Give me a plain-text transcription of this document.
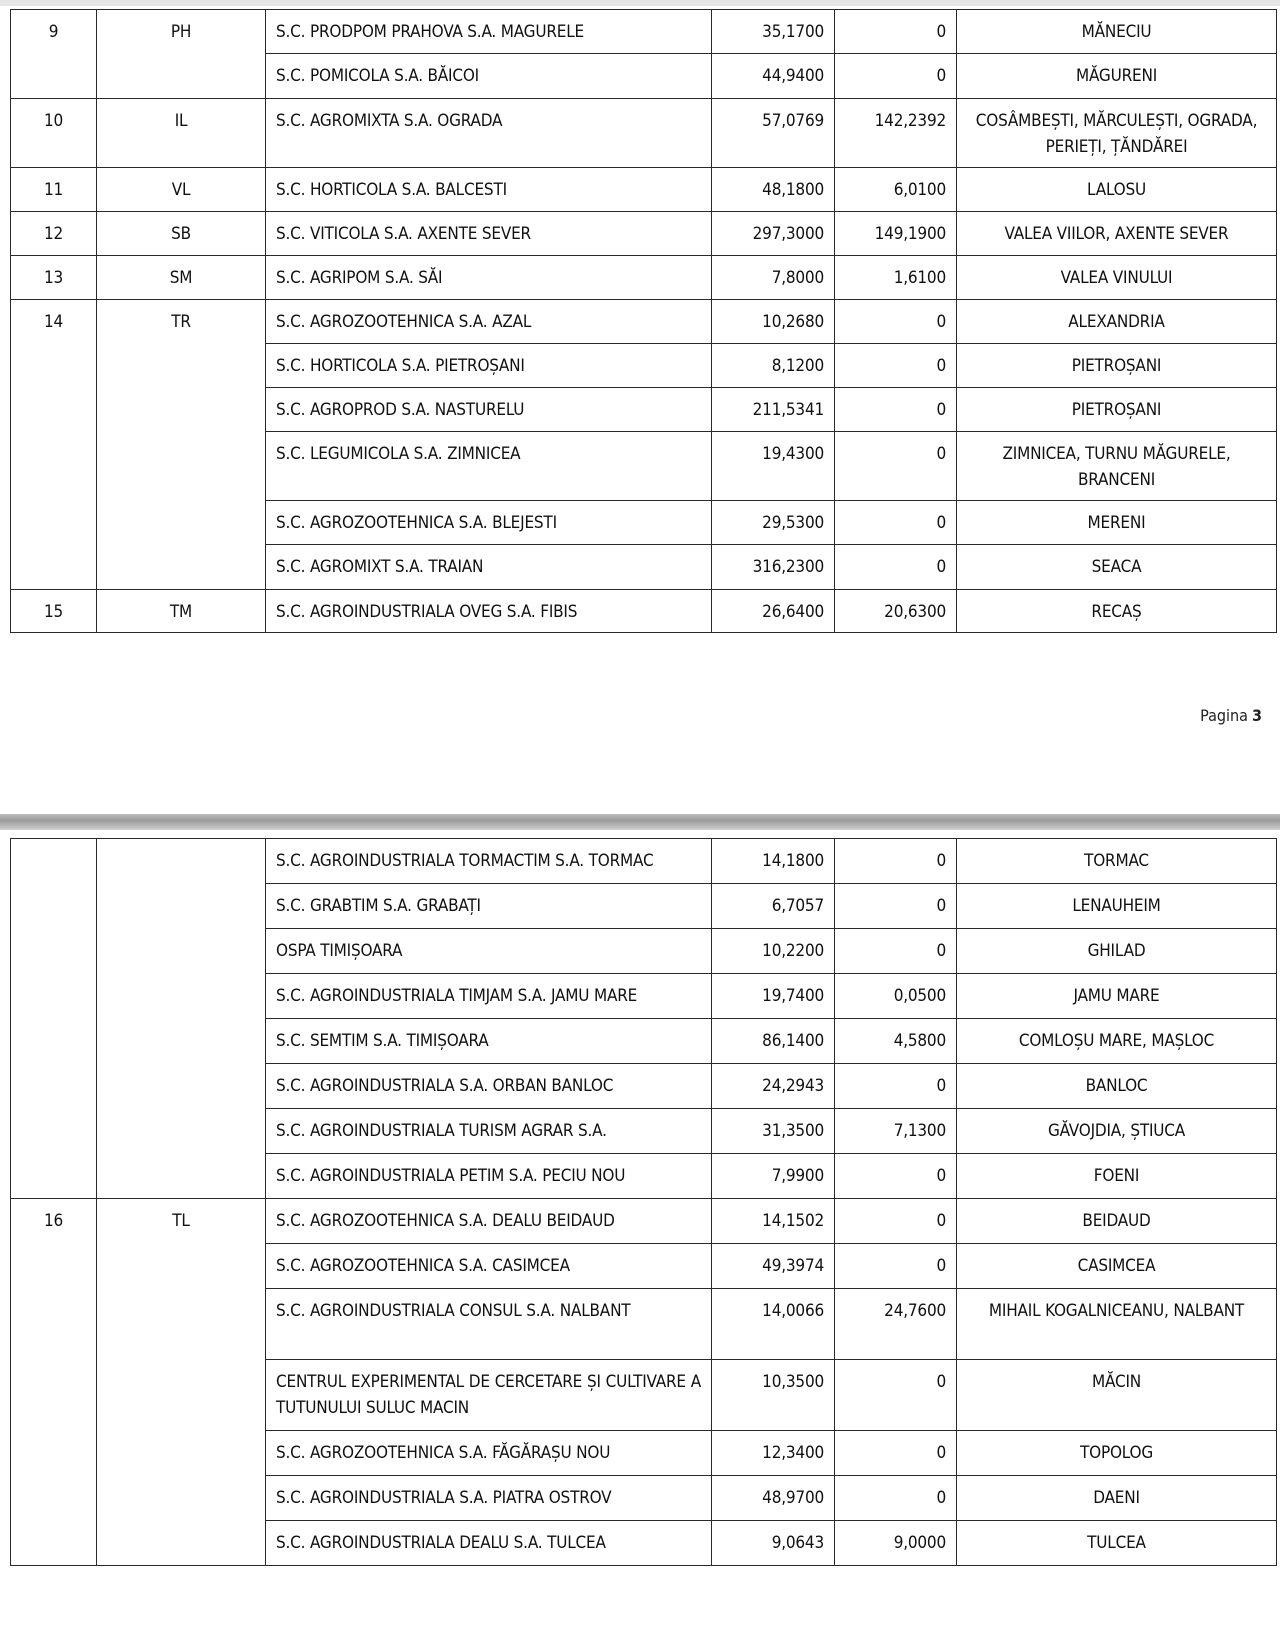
9	PH	S.C. PRODPOM PRAHOVA S.A. MAGURELE	35,1700	0	MĂNECIU
		S.C. POMICOLA S.A. BĂICOI	44,9400	0	MĂGURENI
10	IL	S.C. AGROMIXTA S.A. OGRADA	57,0769	142,2392	COSÂMBEȘTI, MĂRCULEȘTI, OGRADA, PERIEȚI, ȚĂNDĂREI
11	VL	S.C. HORTICOLA S.A. BALCESTI	48,1800	6,0100	LALOSU
12	SB	S.C. VITICOLA S.A. AXENTE SEVER	297,3000	149,1900	VALEA VIILOR, AXENTE SEVER
13	SM	S.C. AGRIPOM S.A. SĂI	7,8000	1,6100	VALEA VINULUI
14	TR	S.C. AGROZOOTEHNICA S.A. AZAL	10,2680	0	ALEXANDRIA
		S.C. HORTICOLA S.A. PIETROȘANI	8,1200	0	PIETROȘANI
		S.C. AGROPROD S.A. NASTURELU	211,5341	0	PIETROȘANI
		S.C. LEGUMICOLA S.A. ZIMNICEA	19,4300	0	ZIMNICEA, TURNU MĂGURELE, BRANCENI
		S.C. AGROZOOTEHNICA S.A. BLEJESTI	29,5300	0	MERENI
		S.C. AGROMIXT S.A. TRAIAN	316,2300	0	SEACA
15	TM	S.C. AGROINDUSTRIALA OVEG S.A. FIBIS	26,6400	20,6300	RECAȘ
Pagina 3
		S.C. AGROINDUSTRIALA TORMACTIM S.A. TORMAC	14,1800	0	TORMAC
		S.C. GRABTIM S.A. GRABAȚI	6,7057	0	LENAUHEIM
		OSPA TIMIȘOARA	10,2200	0	GHILAD
		S.C. AGROINDUSTRIALA TIMJAM S.A. JAMU MARE	19,7400	0,0500	JAMU MARE
		S.C. SEMTIM S.A. TIMIȘOARA	86,1400	4,5800	COMLOȘU MARE, MAȘLOC
		S.C. AGROINDUSTRIALA S.A. ORBAN BANLOC	24,2943	0	BANLOC
		S.C. AGROINDUSTRIALA TURISM AGRAR S.A.	31,3500	7,1300	GĂVOJDIA, ȘTIUCA
		S.C. AGROINDUSTRIALA PETIM S.A. PECIU NOU	7,9900	0	FOENI
16	TL	S.C. AGROZOOTEHNICA S.A. DEALU BEIDAUD	14,1502	0	BEIDAUD
		S.C. AGROZOOTEHNICA S.A. CASIMCEA	49,3974	0	CASIMCEA
		S.C. AGROINDUSTRIALA CONSUL S.A. NALBANT	14,0066	24,7600	MIHAIL KOGALNICEANU, NALBANT
		CENTRUL EXPERIMENTAL DE CERCETARE ȘI CULTIVARE A TUTUNULUI SULUC MACIN	10,3500	0	MĂCIN
		S.C. AGROZOOTEHNICA S.A. FĂGĂRAȘU NOU	12,3400	0	TOPOLOG
		S.C. AGROINDUSTRIALA S.A. PIATRA OSTROV	48,9700	0	DAENI
		S.C. AGROINDUSTRIALA DEALU S.A. TULCEA	9,0643	9,0000	TULCEA
